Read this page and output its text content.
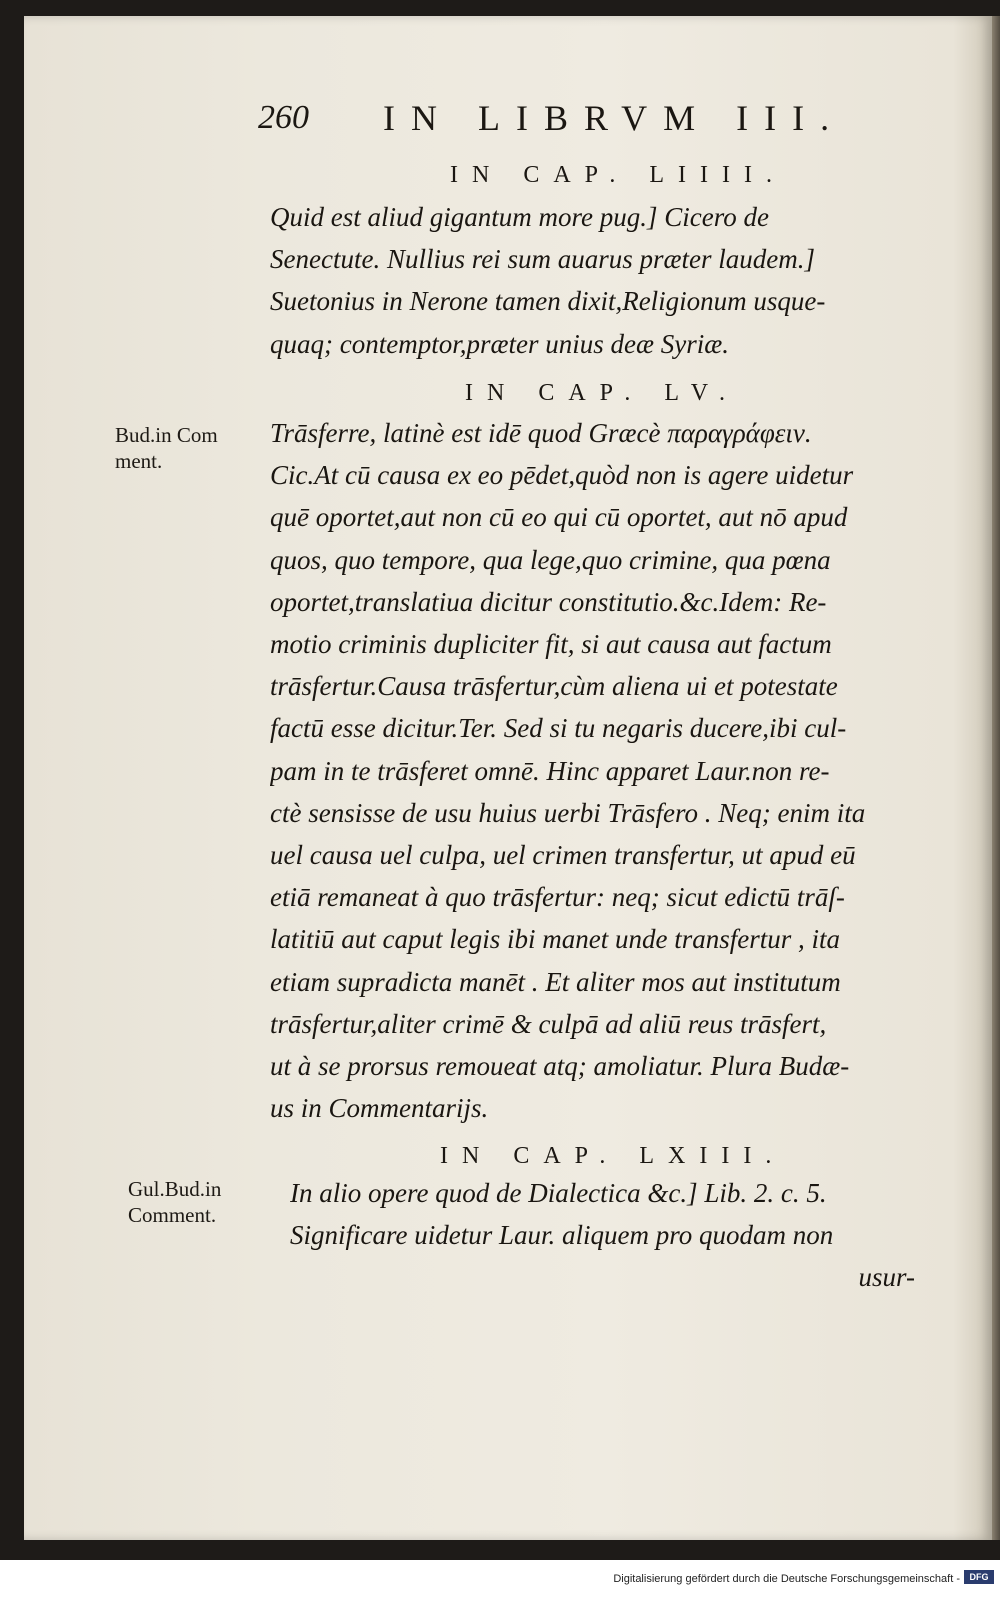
260 IN LIBRVM III.
IN CAP. LIIII.
Quid est aliud gigantum more pug.] Cicero de
Senectute. Nullius rei sum auarus præter laudem.]
Suetonius in Nerone tamen dixit,Religionum usque-
quaq; contemptor,præter unius deæ Syriæ.
IN CAP. LV.
Bud.in Com
ment.
Trāsferre, latinè est idē quod Græcè παραγράφειν.
Cic.At cū causa ex eo pēdet,quòd non is agere uidetur
quē oportet,aut non cū eo qui cū oportet, aut nō apud
quos, quo tempore, qua lege,quo crimine, qua pœna
oportet,translatiua dicitur constitutio.&c.Idem: Re-
motio criminis dupliciter fit, si aut causa aut factum
trāsfertur.Causa trāsfertur,cùm aliena ui et potestate
factū esse dicitur.Ter. Sed si tu negaris ducere,ibi cul-
pam in te trāsferet omnē. Hinc apparet Laur.non re-
ctè sensisse de usu huius uerbi Trāsfero . Neq; enim ita
uel causa uel culpa, uel crimen transfertur, ut apud eū
etiā remaneat à quo trāsfertur: neq; sicut edictū trāſ-
latitiū aut caput legis ibi manet unde transfertur , ita
etiam supradicta manēt . Et aliter mos aut institutum
trāsfertur,aliter crimē & culpā ad aliū reus trāsfert,
ut à se prorsus remoueat atq; amoliatur. Plura Budæ-
us in Commentarijs.
IN CAP. LXIII.
Gul.Bud.in
Comment.
In alio opere quod de Dialectica &c.] Lib. 2. c. 5.
Significare uidetur Laur. aliquem pro quodam non
usur-
Digitalisierung gefördert durch die Deutsche Forschungsgemeinschaft -	DFG
